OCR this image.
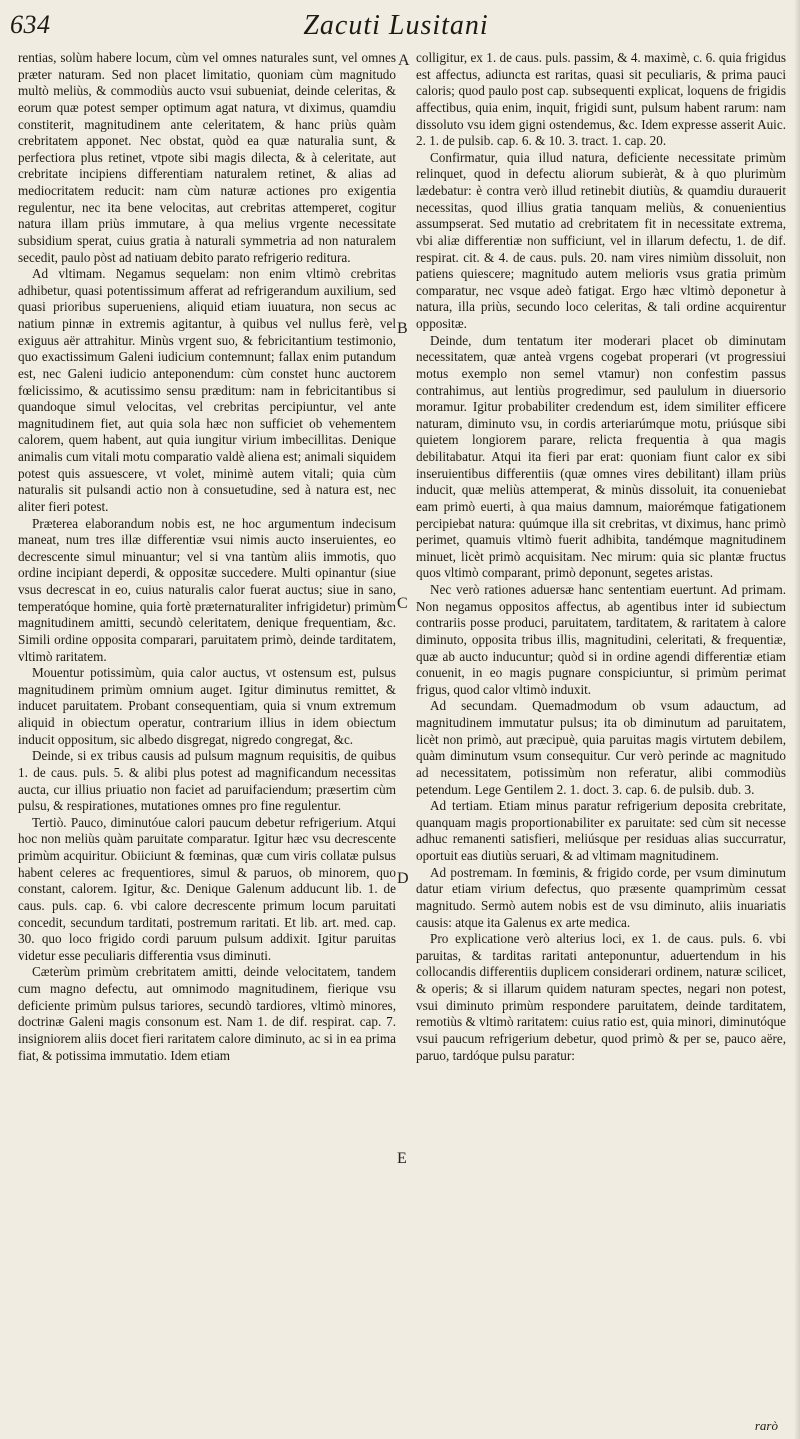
634	Zacuti Lusitani

rentias, solùm habere locum, cùm vel omnes naturales sunt, vel omnes præter naturam. Sed non placet limitatio, quoniam cùm magnitudo multò meliùs, & commodiùs aucto vsui subueniat, deinde celeritas, & eorum quæ potest semper optimum agat natura, vt diximus, quamdiu constiterit, magnitudinem ante celeritatem, & hanc priùs quàm crebritatem apponet. Nec obstat, quòd ea quæ naturalia sunt, & perfectiora plus retinet, vtpote sibi magis dilecta, & à celeritate, aut crebritate incipiens differentiam naturalem retinet, & alias ad mediocritatem reducit: nam cùm naturæ actiones pro exigentia regulentur, nec ita bene velocitas, aut crebritas attemperet, cogitur natura illam priùs immutare, à qua melius vrgente necessitate subsidium sperat, cuius gratia à naturali symmetria ad non naturalem secedit, paulo pòst ad natiuam debito parato refrigerio reditura.

Ad vltimam. Negamus sequelam: non enim vltimò crebritas adhibetur, quasi potentissimum afferat ad refrigerandum auxilium, sed quasi prioribus superueniens, aliquid etiam iuuatura, non secus ac natium pinnæ in extremis agitantur, à quibus vel nullus ferè, vel exiguus aër attrahitur. Minùs vrgent suo, & febricitantium testimonio, quo exactissimum Galeni iudicium contemnunt; fallax enim putandum est, nec Galeni iudicio anteponendum: cùm constet hunc auctorem fœlicissimo, & acutissimo sensu præditum: nam in febricitantibus si quandoque simul velocitas, vel crebritas percipiuntur, vel ante magnitudinem fiet, aut quia sola hæc non sufficiet ob vehementem calorem, quem habent, aut quia iungitur virium imbecillitas. Denique animalis cum vitali motu comparatio valdè aliena est; animali siquidem potest quis assuescere, vt volet, minimè autem vitali; quia cùm naturalis sit pulsandi actio non à consuetudine, sed à natura est, nec aliter fieri potest.

Præterea elaborandum nobis est, ne hoc argumentum indecisum maneat, num tres illæ differentiæ vsui nimis aucto inseruientes, eo decrescente simul minuantur; vel si vna tantùm aliis immotis, quo ordine incipiant deperdi, & oppositæ succedere. Multi opinantur (siue vsus decrescat in eo, cuius naturalis calor fuerat auctus; siue in sano, temperatóque homine, quia fortè præternaturaliter infrigidetur) primùm magnitudinem amitti, secundò celeritatem, denique frequentiam, &c. Simili ordine opposita comparari, paruitatem primò, deinde tarditatem, vltimò raritatem.

Mouentur potissimùm, quia calor auctus, vt ostensum est, pulsus magnitudinem primùm omnium auget. Igitur diminutus remittet, & inducet paruitatem. Probant consequentiam, quia si vnum extremum aliquid in obiectum operatur, contrarium illius in idem obiectum inducit oppositum, sic albedo disgregat, nigredo congregat, &c.

Deinde, si ex tribus causis ad pulsum magnum requisitis, de quibus 1. de caus. puls. 5. & alibi plus potest ad magnificandum necessitas aucta, cur illius priuatio non faciet ad paruifaciendum; præsertim cùm pulsu, & respirationes, mutationes omnes pro fine regulentur.

Tertiò. Pauco, diminutóue calori paucum debetur refrigerium. Atqui hoc non meliùs quàm paruitate comparatur. Igitur hæc vsu decrescente primùm acquiritur. Obiiciunt & fœminas, quæ cum viris collatæ pulsus habent celeres ac frequentiores, simul & paruos, ob minorem, quo constant, calorem. Igitur, &c. Denique Galenum adducunt lib. 1. de caus. puls. cap. 6. vbi calore decrescente primum locum paruitati concedit, secundum tarditati, postremum raritati. Et lib. art. med. cap. 30. quo loco frigido cordi paruum pulsum addixit. Igitur paruitas videtur esse peculiaris differentia vsus diminuti.

Cæterùm primùm crebritatem amitti, deinde velocitatem, tandem cum magno defectu, aut omnimodo magnitudinem, fierique vsu deficiente primùm pulsus tariores, secundò tardiores, vltimò minores, doctrinæ Galeni magis consonum est. Nam 1. de dif. respirat. cap. 7. insigniorem aliis docet fieri raritatem calore diminuto, ac si in ea prima fiat, & potissima immutatio. Idem etiam

A
B
C
D
E

colligitur, ex 1. de caus. puls. passim, & 4. maximè, c. 6. quia frigidus est affectus, adiuncta est raritas, quasi sit peculiaris, & prima pauci caloris; quod paulo post cap. subsequenti explicat, loquens de frigidis affectibus, quia enim, inquit, frigidi sunt, pulsum habent rarum: nam dissoluto vsu idem gigni ostendemus, &c. Idem expresse asserit Auic. 2. 1. de pulsib. cap. 6. & 10. 3. tract. 1. cap. 20.

Confirmatur, quia illud natura, deficiente necessitate primùm relinquet, quod in defectu aliorum subieràt, & à quo plurimùm lædebatur: è contra verò illud retinebit diutiùs, & quamdiu durauerit necessitas, quod illius gratia tanquam meliùs, & conuenientius assumpserat. Sed mutatio ad crebritatem fit in necessitate extrema, vbi aliæ differentiæ non sufficiunt, vel in illarum defectu, 1. de dif. respirat. cit. & 4. de caus. puls. 20. nam vires nimiùm dissoluit, non patiens quiescere; magnitudo autem melioris vsus gratia primùm comparatur, nec vsque adeò fatigat. Ergo hæc vltimò deponetur à natura, illa priùs, secundo loco celeritas, & tali ordine acquirentur oppositæ.

Deinde, dum tentatum iter moderari placet ob diminutam necessitatem, quæ anteà vrgens cogebat properari (vt progressiui motus exemplo non semel vtamur) non confestim passus contrahimus, aut lentiùs progredimur, sed paululum in diuersorio moramur. Igitur probabiliter credendum est, idem similiter efficere naturam, diminuto vsu, in cordis arteriarúmque motu, priúsque sibi quietem longiorem parare, relicta frequentia à qua magis debilitabatur. Atqui ita fieri par erat: quoniam fiunt calor ex sibi inseruientibus differentiis (quæ omnes vires debilitant) illam priùs inducit, quæ meliùs attemperat, & minùs dissoluit, ita conueniebat eam primò euerti, à qua maius damnum, maiorémque fatigationem percipiebat natura: quúmque illa sit crebritas, vt diximus, hanc primò perimet, quamuis vltimò fuerit adhibita, tandémque magnitudinem minuet, licèt primò acquisitam. Nec mirum: quia sic plantæ fructus quos vltimò comparant, primò deponunt, segetes aristas.

Nec verò rationes aduersæ hanc sententiam euertunt. Ad primam. Non negamus oppositos affectus, ab agentibus inter id subiectum contrariis posse produci, paruitatem, tarditatem, & raritatem à calore diminuto, opposita tribus illis, magnitudini, celeritati, & frequentiæ, quæ ab aucto inducuntur; quòd si in ordine agendi differentiæ etiam conuenit, in eo magis pugnare conspiciuntur, si primùm perimat frigus, quod calor vltimò induxit.

Ad secundam. Quemadmodum ob vsum adauctum, ad magnitudinem immutatur pulsus; ita ob diminutum ad paruitatem, licèt non primò, aut præcipuè, quia paruitas magis virtutem debilem, quàm diminutum vsum consequitur. Cur verò perinde ac magnitudo ad necessitatem, potissimùm non referatur, alibi commodiùs petendum. Lege Gentilem 2. 1. doct. 3. cap. 6. de pulsib. dub. 3.

Ad tertiam. Etiam minus paratur refrigerium deposita crebritate, quanquam magis proportionabiliter ex paruitate: sed cùm sit necesse adhuc remanenti satisfieri, meliúsque per residuas alias succurratur, oportuit eas diutiùs seruari, & ad vltimam magnitudinem.

Ad postremam. In fœminis, & frigido corde, per vsum diminutum datur etiam virium defectus, quo præsente quamprimùm cessat magnitudo. Sermò autem nobis est de vsu diminuto, aliis inuariatis causis: atque ita Galenus ex arte medica.

Pro explicatione verò alterius loci, ex 1. de caus. puls. 6. vbi paruitas, & tarditas raritati anteponuntur, aduertendum in his collocandis differentiis duplicem considerari ordinem, naturæ scilicet, & operis; & si illarum quidem naturam spectes, negari non potest, vsui diminuto primùm respondere paruitatem, deinde tarditatem, remotiùs & vltimò raritatem: cuius ratio est, quia minori, diminutóque vsui paucum refrigerium debetur, quod primò & per se, pauco aëre, paruo, tardóque pulsu paratur:

rarò
